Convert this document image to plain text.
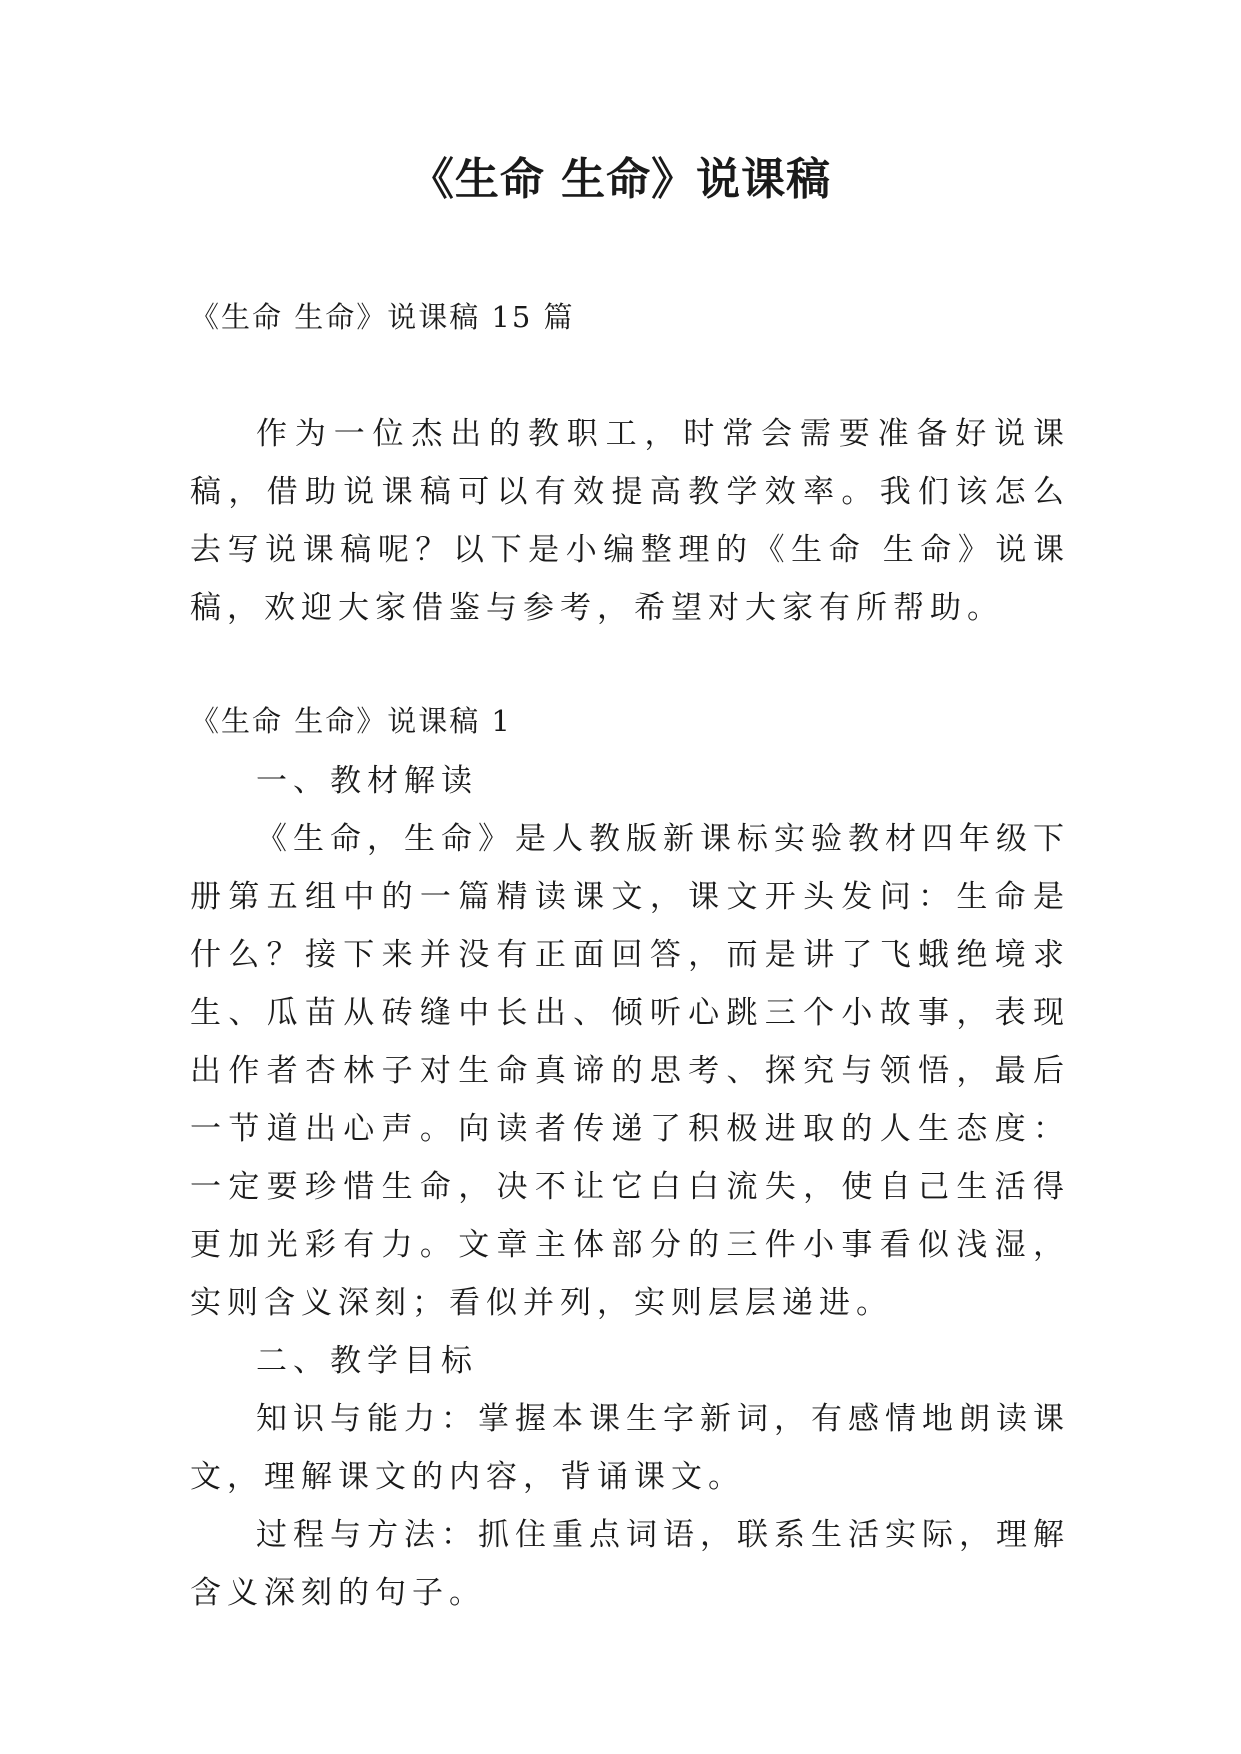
《生命 生命》说课稿
《生命 生命》说课稿 15 篇

作为一位杰出的教职工，时常会需要准备好说课稿，借助说课稿可以有效提高教学效率。我们该怎么去写说课稿呢？以下是小编整理的《生命 生命》说课稿，欢迎大家借鉴与参考，希望对大家有所帮助。

《生命 生命》说课稿 1

一、教材解读

《生命，生命》是人教版新课标实验教材四年级下册第五组中的一篇精读课文，课文开头发问：生命是什么？接下来并没有正面回答，而是讲了飞蛾绝境求生、瓜苗从砖缝中长出、倾听心跳三个小故事，表现出作者杏林子对生命真谛的思考、探究与领悟，最后一节道出心声。向读者传递了积极进取的人生态度：一定要珍惜生命，决不让它白白流失，使自己生活得更加光彩有力。文章主体部分的三件小事看似浅湿，实则含义深刻；看似并列，实则层层递进。

二、教学目标

知识与能力：掌握本课生字新词，有感情地朗读课文，理解课文的内容，背诵课文。

过程与方法：抓住重点词语，联系生活实际，理解含义深刻的句子。
